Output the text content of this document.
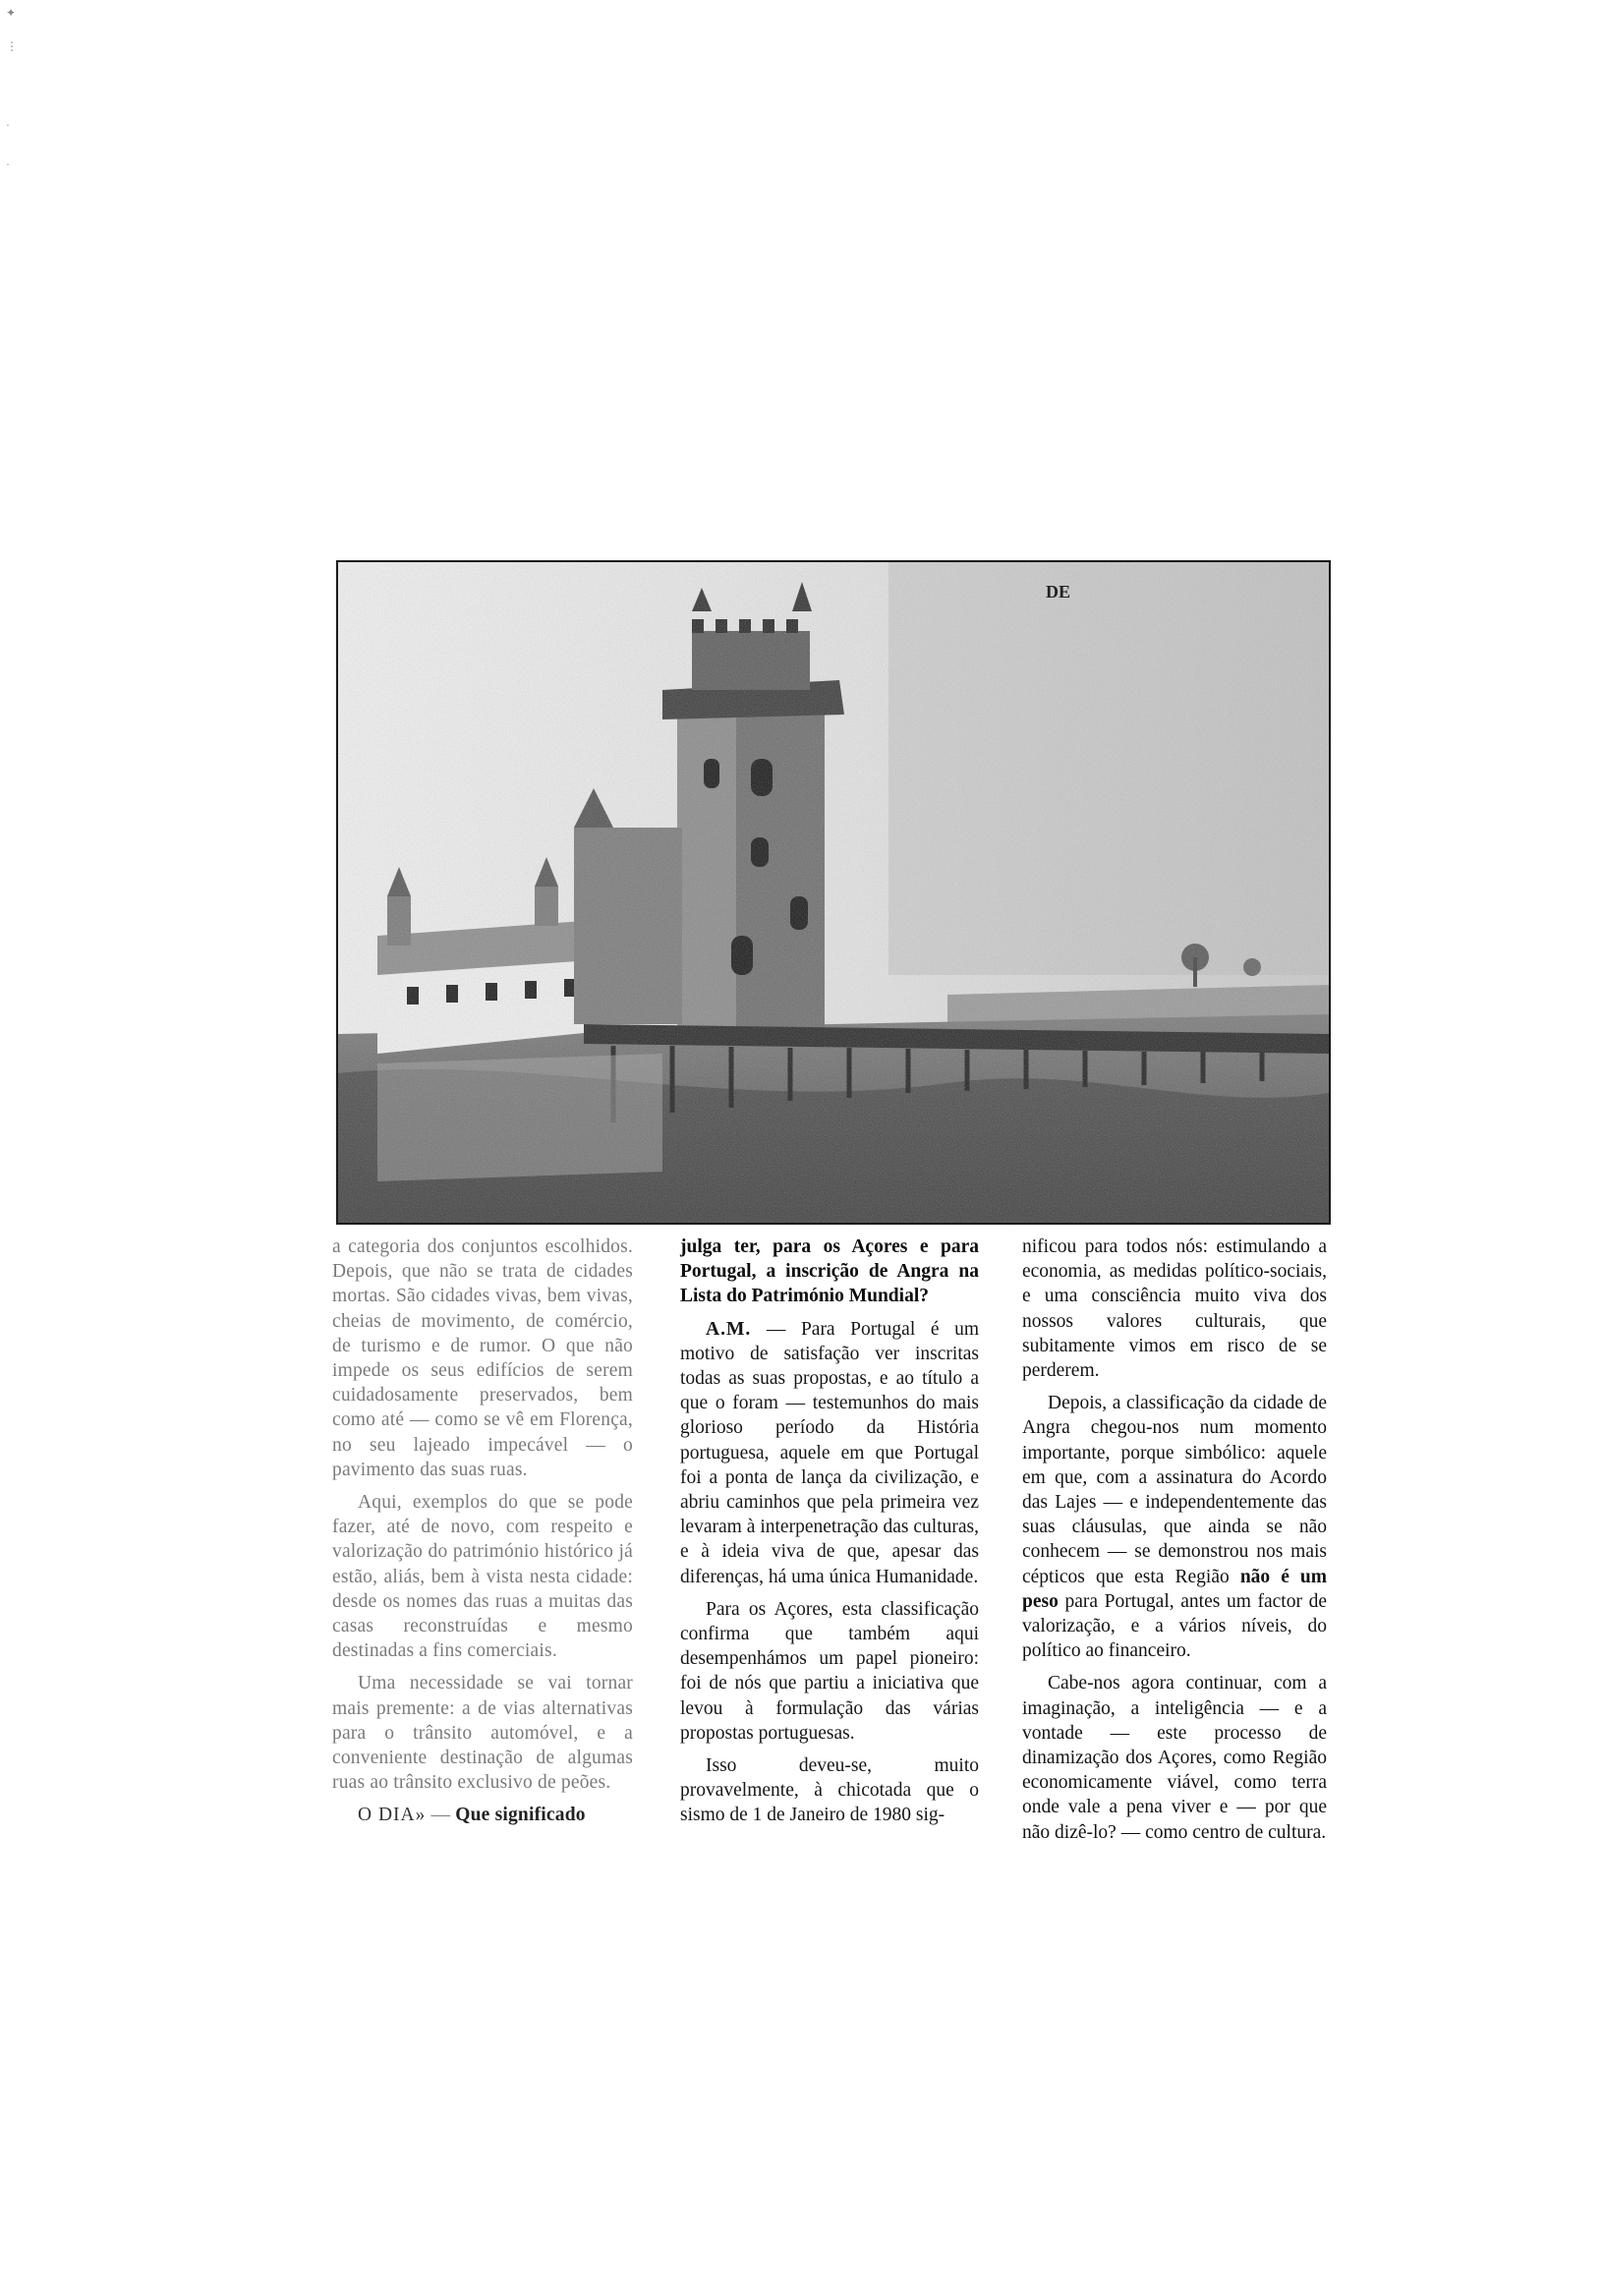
✦
⋮
·
·
DE

a categoria dos conjuntos escolhidos. Depois, que não se trata de cidades mortas. São cidades vivas, bem vivas, cheias de movimento, de comércio, de turismo e de rumor. O que não impede os seus edifícios de serem cuidadosamente preservados, bem como até — como se vê em Florença, no seu lajeado impecável — o pavimento das suas ruas.

Aqui, exemplos do que se pode fazer, até de novo, com respeito e valorização do património histórico já estão, aliás, bem à vista nesta cidade: desde os nomes das ruas a muitas das casas reconstruídas e mesmo destinadas a fins comerciais.

Uma necessidade se vai tornar mais premente: a de vias alternativas para o trânsito automóvel, e a conveniente destinação de algumas ruas ao trânsito exclusivo de peões.

O DIA» — Que significado

julga ter, para os Açores e para Portugal, a inscrição de Angra na Lista do Património Mundial?

A.M. — Para Portugal é um motivo de satisfação ver inscritas todas as suas propostas, e ao título a que o foram — testemunhos do mais glorioso período da História portuguesa, aquele em que Portugal foi a ponta de lança da civilização, e abriu caminhos que pela primeira vez levaram à interpenetração das culturas, e à ideia viva de que, apesar das diferenças, há uma única Humanidade.

Para os Açores, esta classificação confirma que também aqui desempenhámos um papel pioneiro: foi de nós que partiu a iniciativa que levou à formulação das várias propostas portuguesas.

Isso deveu-se, muito provavelmente, à chicotada que o sismo de 1 de Janeiro de 1980 sig-

nificou para todos nós: estimulando a economia, as medidas político-sociais, e uma consciência muito viva dos nossos valores culturais, que subitamente vimos em risco de se perderem.

Depois, a classificação da cidade de Angra chegou-nos num momento importante, porque simbólico: aquele em que, com a assinatura do Acordo das Lajes — e independentemente das suas cláusulas, que ainda se não conhecem — se demonstrou nos mais cépticos que esta Região não é um peso para Portugal, antes um factor de valorização, e a vários níveis, do político ao financeiro.

Cabe-nos agora continuar, com a imaginação, a inteligência — e a vontade — este processo de dinamização dos Açores, como Região economicamente viável, como terra onde vale a pena viver e — por que não dizê-lo? — como centro de cultura.
